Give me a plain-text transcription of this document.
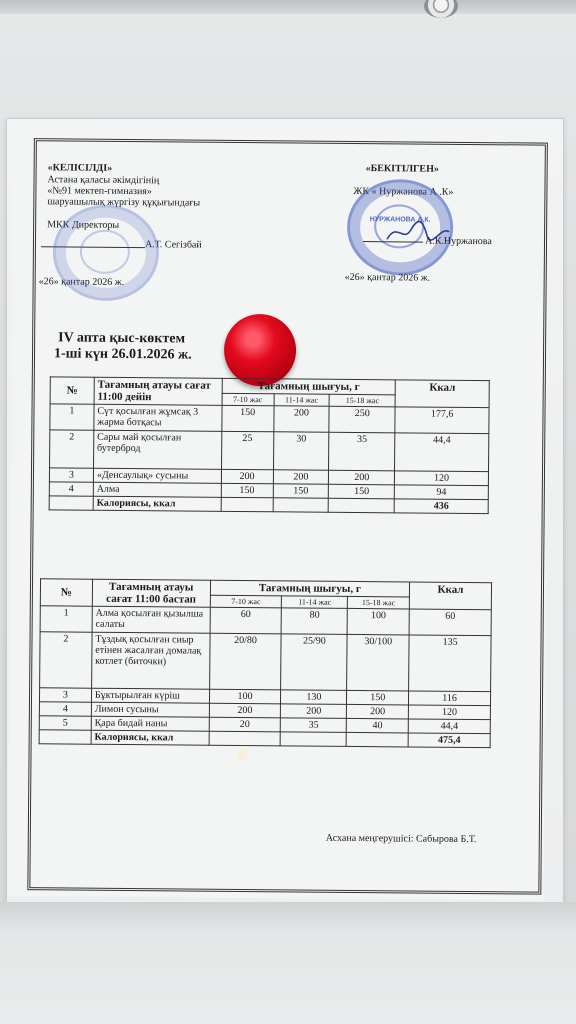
«КЕЛІСІЛДІ»
Астана қаласы әкімдігінің
«№91 мектеп-гимназия»
шаруашылық жүргізу құқығындағы
МКК Директоры
А.Т. Сегізбай
«26» қантар 2026 ж.
«БЕКІТІЛГЕН»
ЖК « Нуржанова А .К»
НУРЖАНОВА А.К.
А.К.Нуржанова
«26» қантар 2026 ж.
IV апта қыс-көктем
1-ші күн 26.01.2026 ж.
№	Тағамның атауы сағат 11:00 дейін	Тағамның шығуы, г			Ккал
		7-10 жас	11-14 жас	15-18 жас	
1	Сүт қосылған жұмсақ 3 жарма ботқасы	150	200	250	177,6
2	Сары май қосылған бутерброд	25	30	35	44,4
3	«Денсаулық» сусыны	200	200	200	120
4	Алма	150	150	150	94
	Калориясы, ккал				436
№	Тағамның атауы сағат 11:00 бастап	Тағамның шығуы, г			Ккал
		7-10 жас	11-14 жас	15-18 жас	
1	Алма қосылған қызылша салаты	60	80	100	60
2	Тұздық қосылған сиыр етінен жасалған домалақ котлет (биточки)	20/80	25/90	30/100	135
3	Бұктырылған күріш	100	130	150	116
4	Лимон сусыны	200	200	200	120
5	Қара бидай наны	20	35	40	44,4
	Калориясы, ккал				475,4
Асхана меңгерушісі: Сабырова Б.Т.
